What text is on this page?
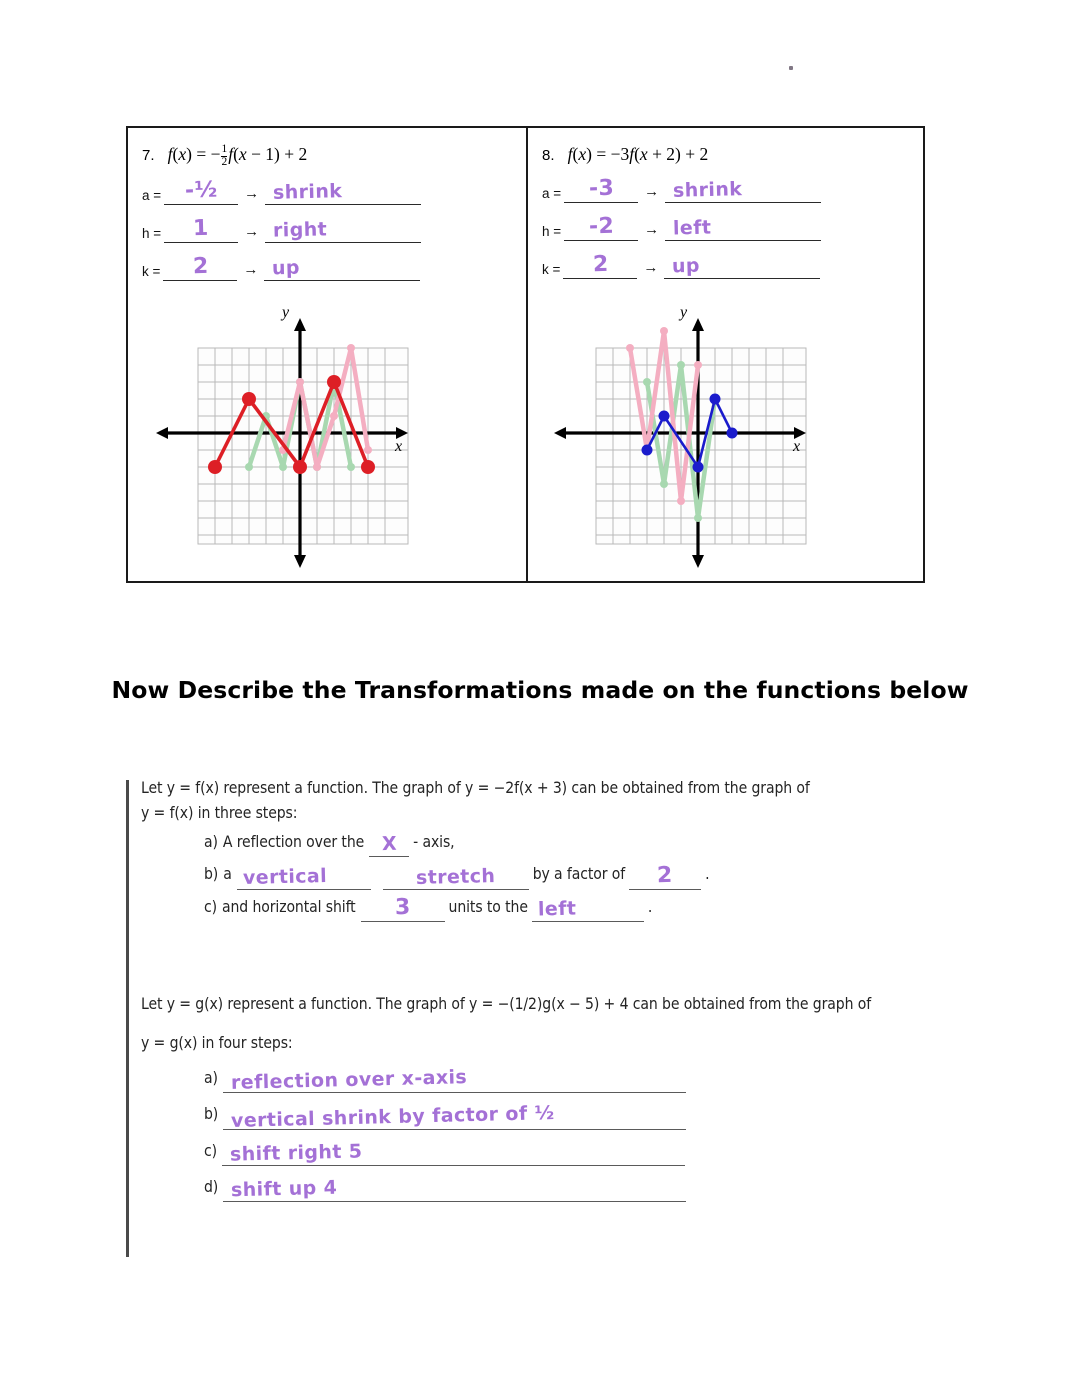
7. $f(x) = -\frac{1}{2} f(x - 1) + 2$
a = -½	→ shrink
h = 1	→ right
k = 2	→ up
y
x
8. f(x) = −3f(x + 2) + 2
a = -3	→ shrink
h = -2	→ left
k = 2	→ up
y
x
Now Describe the Transformations made on the functions below
Let y = f(x) represent a function. The graph of y = −2f(x + 3) can be obtained from the graph of
y = f(x) in three steps:
a) A reflection over the X - axis,
b) a vertical	stretch by a factor of 2 .
c) and horizontal shift 3 units to the left	.
Let y = g(x) represent a function. The graph of y = −(1/2)g(x − 5) + 4 can be obtained from the graph of
y = g(x) in four steps:
a) reflection over x-axis
b) vertical shrink by factor of ½
c) shift right 5
d) shift up 4
